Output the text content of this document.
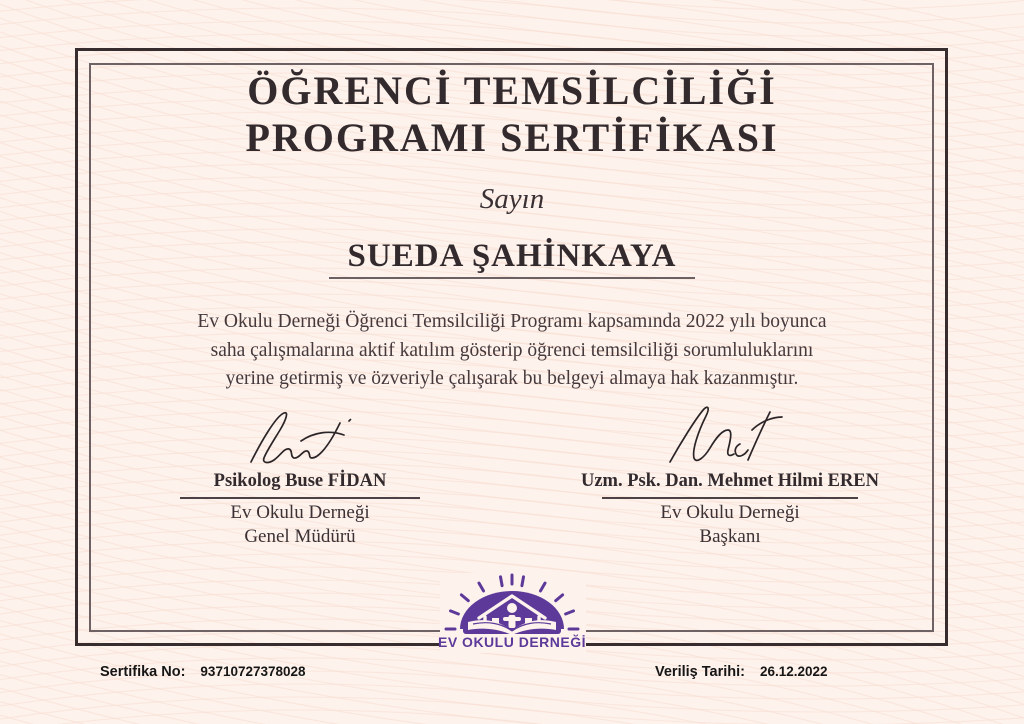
ÖĞRENCİ TEMSİLCİLİĞİ
PROGRAMI SERTİFİKASI
Sayın
SUEDA ŞAHİNKAYA
Ev Okulu Derneği Öğrenci Temsilciliği Programı kapsamında 2022 yılı boyunca
saha çalışmalarına aktif katılım gösterip öğrenci temsilciliği sorumluluklarını
yerine getirmiş ve özveriyle çalışarak bu belgeyi almaya hak kazanmıştır.
Psikolog Buse FİDAN
Ev Okulu Derneği
Genel Müdürü
Uzm. Psk. Dan. Mehmet Hilmi EREN
Ev Okulu Derneği
Başkanı
EV OKULU DERNEĞİ
Sertifika No: 93710727378028	Veriliş Tarihi: 26.12.2022
